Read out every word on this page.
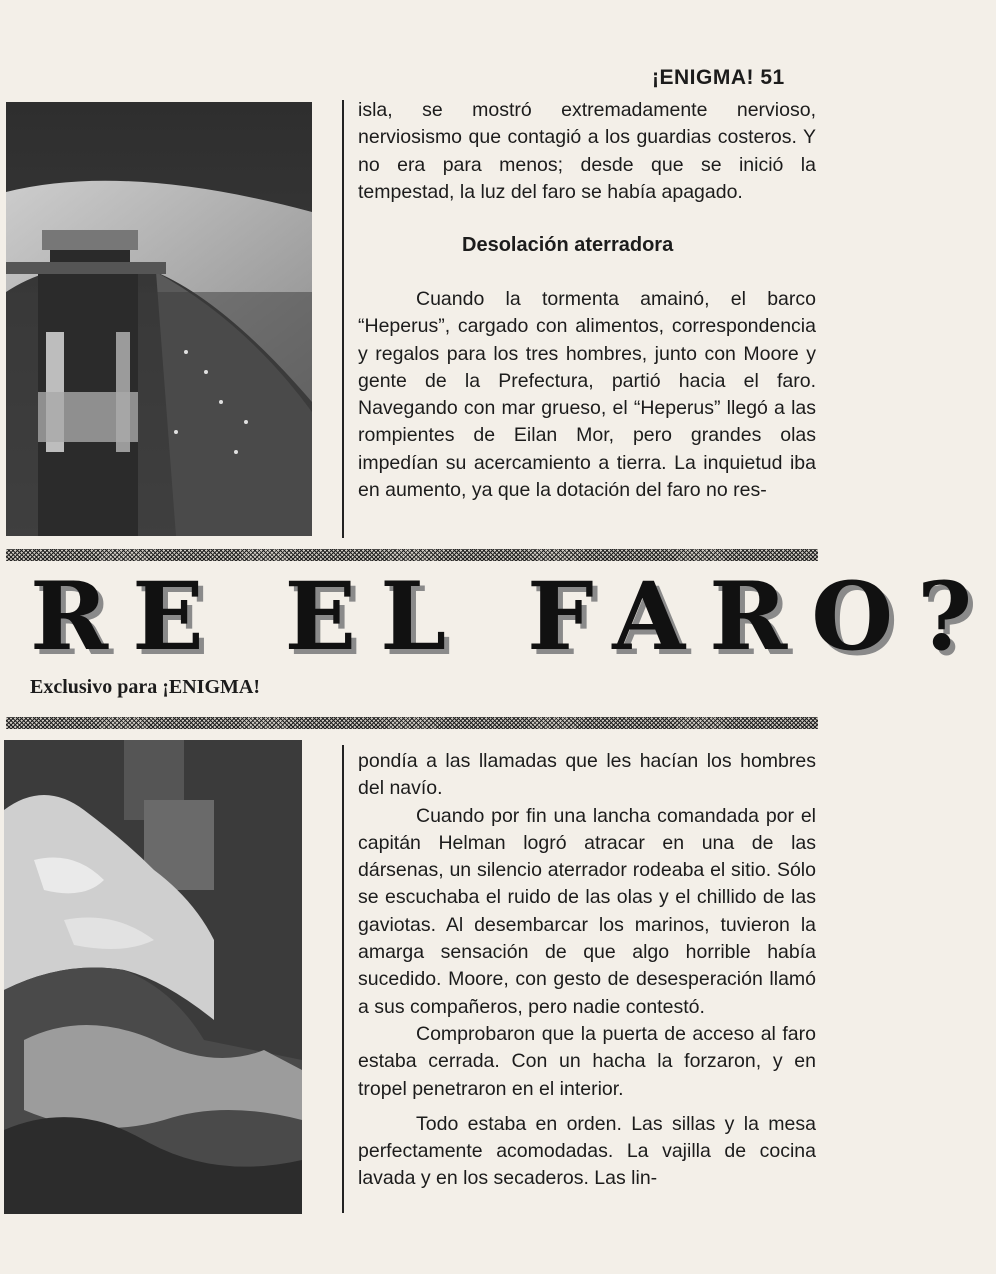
¡ENIGMA! 51

isla, se mostró extremadamente nervioso, nerviosismo que contagió a los guardias costeros. Y no era para menos; desde que se inició la tempestad, la luz del faro se había apagado.

Desolación aterradora

Cuando la tormenta amainó, el barco “Heperus”, cargado con alimentos, correspondencia y regalos para los tres hombres, junto con Moore y gente de la Prefectura, partió hacia el faro. Navegando con mar grueso, el “Heperus” llegó a las rompientes de Eilan Mor, pero grandes olas impedían su acercamiento a tierra. La inquietud iba en aumento, ya que la dotación del faro no res-

RE EL FARO?
Exclusivo para ¡ENIGMA!

pondía a las llamadas que les hacían los hombres del navío.

Cuando por fin una lancha comandada por el capitán Helman logró atracar en una de las dársenas, un silencio aterrador rodeaba el sitio. Sólo se escuchaba el ruido de las olas y el chillido de las gaviotas. Al desembarcar los marinos, tuvieron la amarga sensación de que algo horrible había sucedido. Moore, con gesto de desesperación llamó a sus compañeros, pero nadie contestó.

Comprobaron que la puerta de acceso al faro estaba cerrada. Con un hacha la forzaron, y en tropel penetraron en el interior.

Todo estaba en orden. Las sillas y la mesa perfectamente acomodadas. La vajilla de cocina lavada y en los secaderos. Las lin-
